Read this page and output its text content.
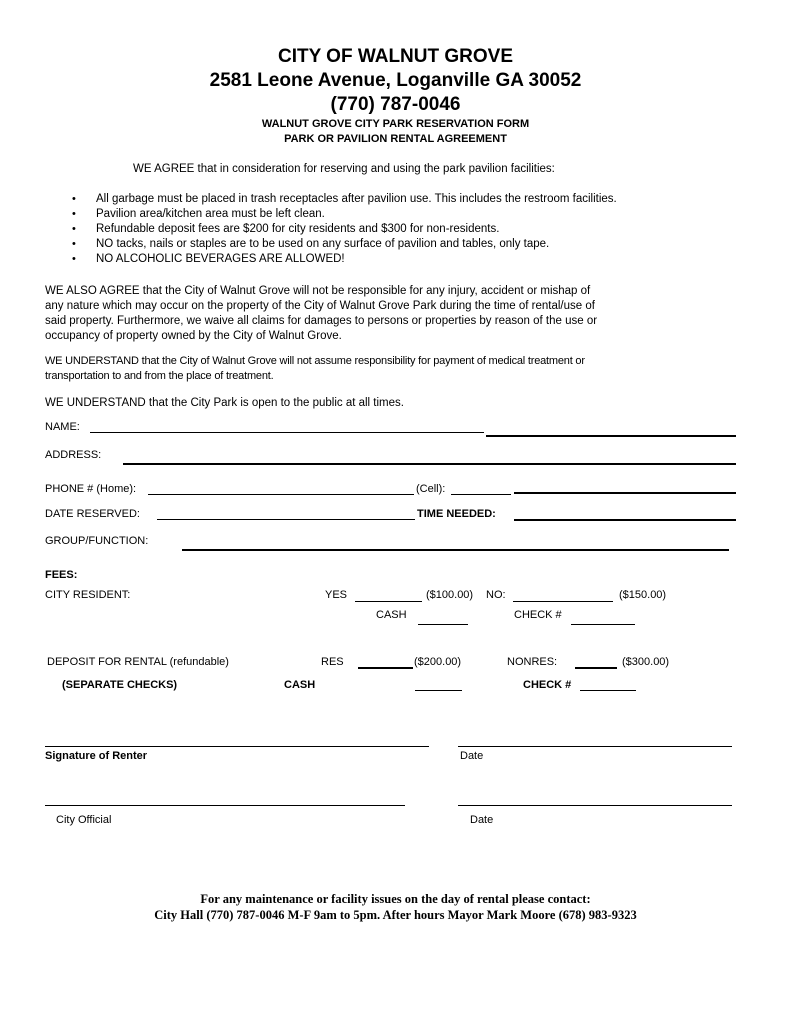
CITY OF WALNUT GROVE
2581 Leone Avenue, Loganville GA 30052
(770) 787-0046
WALNUT GROVE CITY PARK RESERVATION FORM
PARK OR PAVILION RENTAL AGREEMENT
WE AGREE that in consideration for reserving and using the park pavilion facilities:
• All garbage must be placed in trash receptacles after pavilion use. This includes the restroom facilities.
• Pavilion area/kitchen area must be left clean.
• Refundable deposit fees are $200 for city residents and $300 for non-residents.
• NO tacks, nails or staples are to be used on any surface of pavilion and tables, only tape.
• NO ALCOHOLIC BEVERAGES ARE ALLOWED!
WE ALSO AGREE that the City of Walnut Grove will not be responsible for any injury, accident or mishap of
any nature which may occur on the property of the City of Walnut Grove Park during the time of rental/use of
said property. Furthermore, we waive all claims for damages to persons or properties by reason of the use or
occupancy of property owned by the City of Walnut Grove.
WE UNDERSTAND that the City of Walnut Grove will not assume responsibility for payment of medical treatment or
transportation to and from the place of treatment.
WE UNDERSTAND that the City Park is open to the public at all times.
NAME:
ADDRESS:
PHONE # (Home):	(Cell):
DATE RESERVED:	TIME NEEDED:
GROUP/FUNCTION:
FEES:
CITY RESIDENT:	YES	($100.00) NO:	($150.00)
CASH	CHECK #
DEPOSIT FOR RENTAL (refundable)	RES	($200.00)	NONRES:	($300.00)
(SEPARATE CHECKS)	CASH	CHECK #
Signature of Renter	Date
City Official	Date
For any maintenance or facility issues on the day of rental please contact:
City Hall (770) 787-0046 M-F 9am to 5pm. After hours Mayor Mark Moore (678) 983-9323
